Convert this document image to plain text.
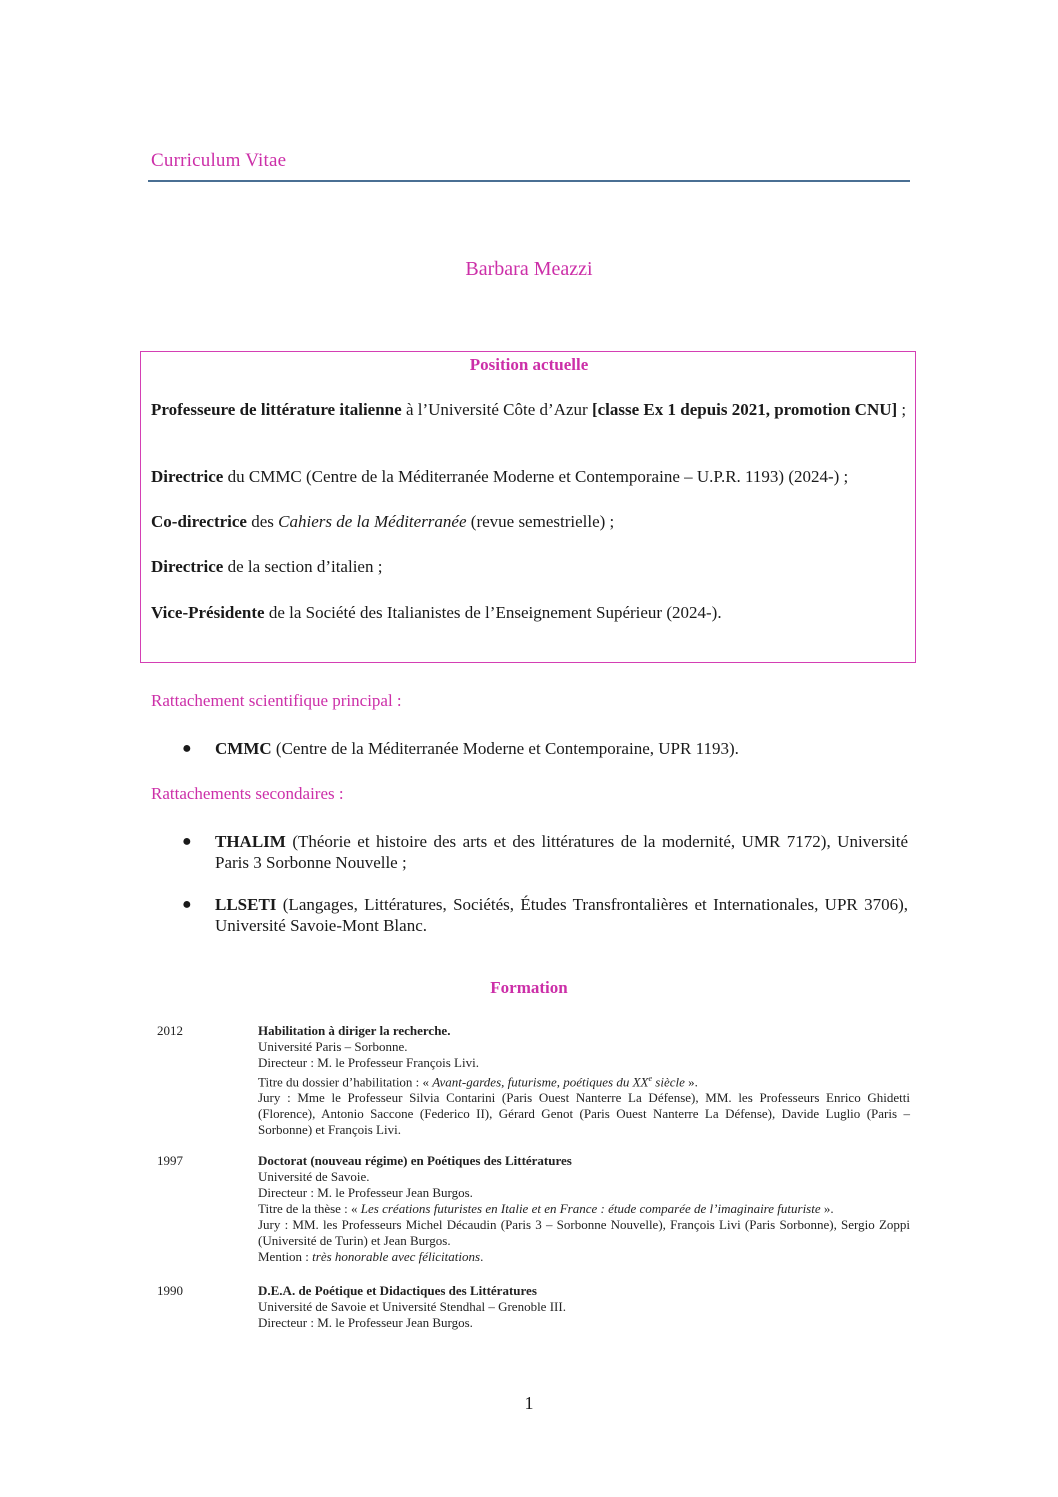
Curriculum Vitae
Barbara Meazzi
Position actuelle
Professeure de littérature italienne à l’Université Côte d’Azur [classe Ex 1 depuis 2021, promotion CNU] ;
Directrice du CMMC (Centre de la Méditerranée Moderne et Contemporaine – U.P.R. 1193) (2024-) ;
Co-directrice des Cahiers de la Méditerranée (revue semestrielle) ;
Directrice de la section d’italien ;
Vice-Présidente de la Société des Italianistes de l’Enseignement Supérieur (2024-).
Rattachement scientifique principal :
● CMMC (Centre de la Méditerranée Moderne et Contemporaine, UPR 1193).
Rattachements secondaires :
● THALIM (Théorie et histoire des arts et des littératures de la modernité, UMR 7172), Université Paris 3 Sorbonne Nouvelle ;
● LLSETI (Langages, Littératures, Sociétés, Études Transfrontalières et Internationales, UPR 3706), Université Savoie-Mont Blanc.
Formation
2012	Habilitation à diriger la recherche.
Université Paris – Sorbonne.
Directeur : M. le Professeur François Livi.
Titre du dossier d’habilitation : « Avant-gardes, futurisme, poétiques du XXe siècle ».
Jury : Mme le Professeur Silvia Contarini (Paris Ouest Nanterre La Défense), MM. les Professeurs Enrico Ghidetti (Florence), Antonio Saccone (Federico II), Gérard Genot (Paris Ouest Nanterre La Défense), Davide Luglio (Paris – Sorbonne) et François Livi.
1997	Doctorat (nouveau régime) en Poétiques des Littératures
Université de Savoie.
Directeur : M. le Professeur Jean Burgos.
Titre de la thèse : « Les créations futuristes en Italie et en France : étude comparée de l’imaginaire futuriste ».
Jury : MM. les Professeurs Michel Décaudin (Paris 3 – Sorbonne Nouvelle), François Livi (Paris Sorbonne), Sergio Zoppi (Université de Turin) et Jean Burgos.
Mention : très honorable avec félicitations.
1990	D.E.A. de Poétique et Didactiques des Littératures
Université de Savoie et Université Stendhal – Grenoble III.
Directeur : M. le Professeur Jean Burgos.
1
